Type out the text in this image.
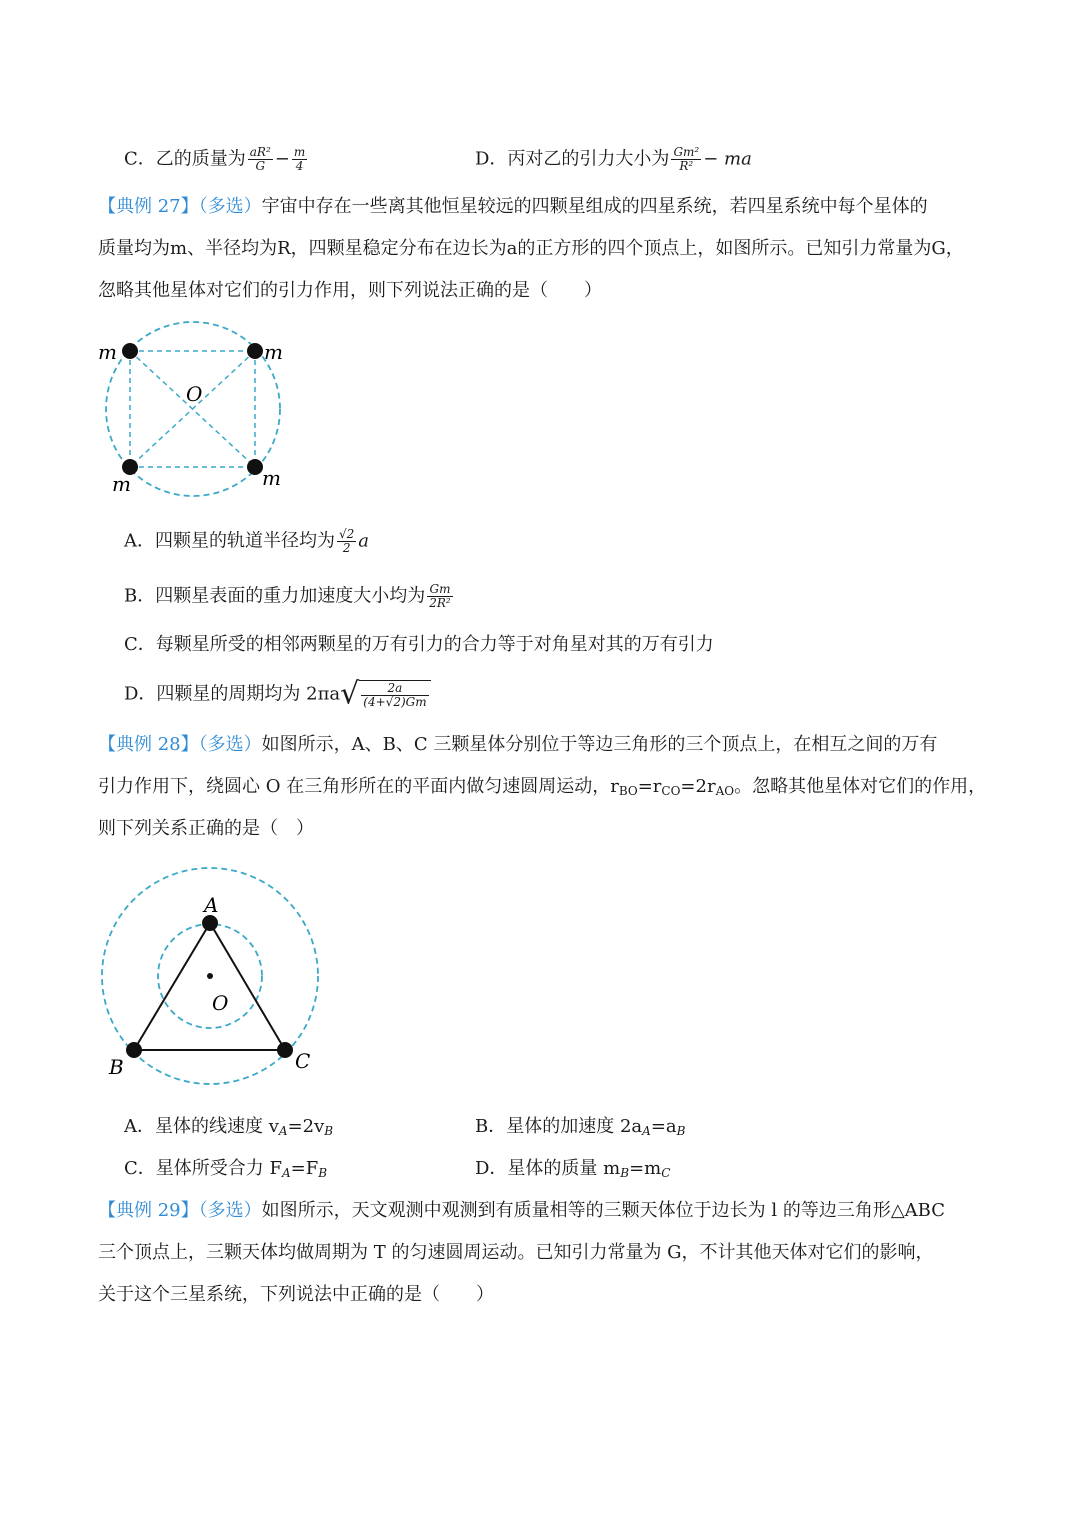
C．乙的质量为 $\frac{\text{aR²}}{G} - \frac{m}{4}$	D．丙对乙的引力大小为 $\frac{\text{Gm²}}{\text{R²}}$ − ma
【典例 27】（多选）宇宙中存在一些离其他恒星较远的四颗星组成的四星系统，若四星系统中每个星体的
质量均为m、半径均为R，四颗星稳定分布在边长为a的正方形的四个顶点上，如图所示。已知引力常量为G，
忽略其他星体对它们的引力作用，则下列说法正确的是（　　）
m	m
m	m
O
A．四颗星的轨道半径均为 $\frac{√2}{2}$ a
B．四颗星表面的重力加速度大小均为 $\frac{Gm}{\text{2R²}}$
C．每颗星所受的相邻两颗星的万有引力的合力等于对角星对其的万有引力
D．四颗星的周期均为 $2\pi a√ \frac{2a}{(4+√2)Gm}$
【典例 28】（多选）如图所示，A、B、C 三颗星体分别位于等边三角形的三个顶点上，在相互之间的万有
引力作用下，绕圆心 O 在三角形所在的平面内做匀速圆周运动，$r_{BO}=r_{CO}=2r_{AO}$。忽略其他星体对它们的作用，
则下列关系正确的是（　）
A
B	C
O
A．星体的线速度 $v_A=2v_B$	B．星体的加速度 $2a_A=a_B$
C．星体所受合力 $F_A=F_B$	D．星体的质量 $m_B=m_C$
【典例 29】（多选）如图所示，天文观测中观测到有质量相等的三颗天体位于边长为 l 的等边三角形△ABC
三个顶点上，三颗天体均做周期为 T 的匀速圆周运动。已知引力常量为 G，不计其他天体对它们的影响，
关于这个三星系统，下列说法中正确的是（　　）
